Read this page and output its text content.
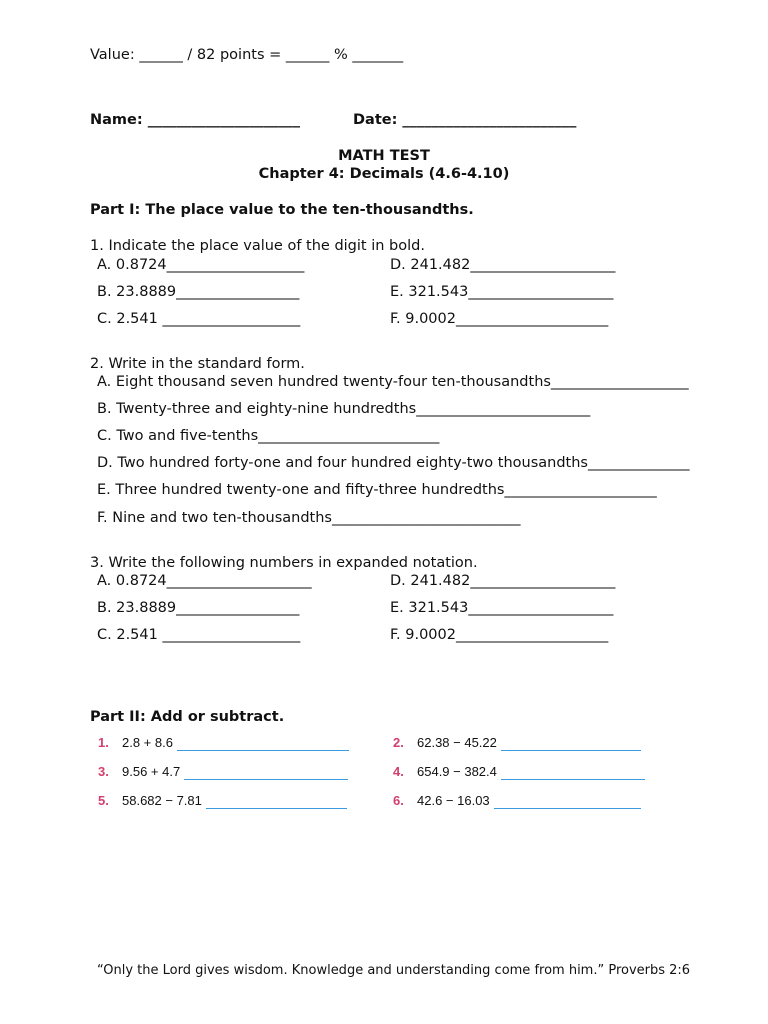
Value: ______ / 82 points = ______ % _______
Name: _____________________	Date: ________________________
MATH TEST
Chapter 4: Decimals (4.6-4.10)
Part I: The place value to the ten-thousandths.
1. Indicate the place value of the digit in bold.
A. 0.8724___________________
B. 23.8889_________________
C. 2.541 ___________________
D. 241.482____________________
E. 321.543____________________
F. 9.0002_____________________
2. Write in the standard form.
A. Eight thousand seven hundred twenty-four ten-thousandths___________________
B. Twenty-three and eighty-nine hundredths________________________
C. Two and five-tenths_________________________
D. Two hundred forty-one and four hundred eighty-two thousandths______________
E. Three hundred twenty-one and fifty-three hundredths_____________________
F. Nine and two ten-thousandths__________________________
3. Write the following numbers in expanded notation.
A. 0.8724____________________
B. 23.8889_________________
C. 2.541 ___________________
D. 241.482____________________
E. 321.543____________________
F. 9.0002_____________________
Part II: Add or subtract.
1. 2.8 + 8.6	2. 62.38 − 45.22
3. 9.56 + 4.7	4. 654.9 − 382.4
5. 58.682 − 7.81	6. 42.6 − 16.03
“Only the Lord gives wisdom. Knowledge and understanding come from him.” Proverbs 2:6
